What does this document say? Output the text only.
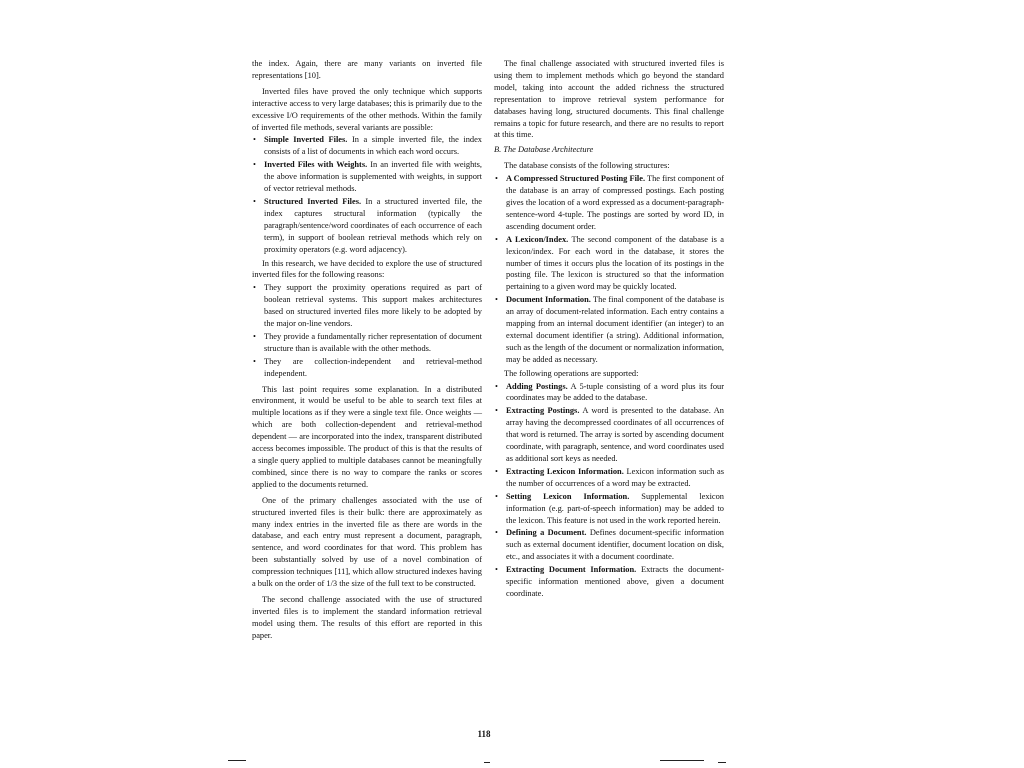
the index. Again, there are many variants on inverted file representations [10].

Inverted files have proved the only technique which supports interactive access to very large databases; this is primarily due to the excessive I/O requirements of the other methods. Within the family of inverted file methods, several variants are possible:

• Simple Inverted Files. In a simple inverted file, the index consists of a list of documents in which each word occurs.
• Inverted Files with Weights. In an inverted file with weights, the above information is supplemented with weights, in support of vector retrieval methods.
• Structured Inverted Files. In a structured inverted file, the index captures structural information (typically the paragraph/sentence/word coordinates of each occurrence of each term), in support of boolean retrieval methods which rely on proximity operators (e.g. word adjacency).

In this research, we have decided to explore the use of structured inverted files for the following reasons:

• They support the proximity operations required as part of boolean retrieval systems. This support makes architectures based on structured inverted files more likely to be adopted by the major on-line vendors.
• They provide a fundamentally richer representation of document structure than is available with the other methods.
• They are collection-independent and retrieval-method independent.

This last point requires some explanation. In a distributed environment, it would be useful to be able to search text files at multiple locations as if they were a single text file. Once weights — which are both collection-dependent and retrieval-method dependent — are incorporated into the index, transparent distributed access becomes impossible. The product of this is that the results of a single query applied to multiple databases cannot be meaningfully combined, since there is no way to compare the ranks or scores applied to the documents returned.

One of the primary challenges associated with the use of structured inverted files is their bulk: there are approximately as many index entries in the inverted file as there are words in the database, and each entry must represent a document, paragraph, sentence, and word coordinates for that word. This problem has been substantially solved by use of a novel combination of compression techniques [11], which allow structured indexes having a bulk on the order of 1/3 the size of the full text to be constructed.

The second challenge associated with the use of structured inverted files is to implement the standard information retrieval model using them. The results of this effort are reported in this paper.

The final challenge associated with structured inverted files is using them to implement methods which go beyond the standard model, taking into account the added richness the structured representation to improve retrieval system performance for databases having long, structured documents. This final challenge remains a topic for future research, and there are no results to report at this time.

B. The Database Architecture

The database consists of the following structures:

• A Compressed Structured Posting File. The first component of the database is an array of compressed postings. Each posting gives the location of a word expressed as a document-paragraph-sentence-word 4-tuple. The postings are sorted by word ID, in ascending document order.
• A Lexicon/Index. The second component of the database is a lexicon/index. For each word in the database, it stores the number of times it occurs plus the location of its postings in the posting file. The lexicon is structured so that the information pertaining to a given word may be quickly located.
• Document Information. The final component of the database is an array of document-related information. Each entry contains a mapping from an internal document identifier (an integer) to an external document identifier (a string). Additional information, such as the length of the document or normalization information, may be added as necessary.

The following operations are supported:

• Adding Postings. A 5-tuple consisting of a word plus its four coordinates may be added to the database.
• Extracting Postings. A word is presented to the database. An array having the decompressed coordinates of all occurrences of that word is returned. The array is sorted by ascending document coordinate, with paragraph, sentence, and word coordinates used as additional sort keys as needed.
• Extracting Lexicon Information. Lexicon information such as the number of occurrences of a word may be extracted.
• Setting Lexicon Information. Supplemental lexicon information (e.g. part-of-speech information) may be added to the lexicon. This feature is not used in the work reported herein.
• Defining a Document. Defines document-specific information such as external document identifier, document location on disk, etc., and associates it with a document coordinate.
• Extracting Document Information. Extracts the document-specific information mentioned above, given a document coordinate.
118
